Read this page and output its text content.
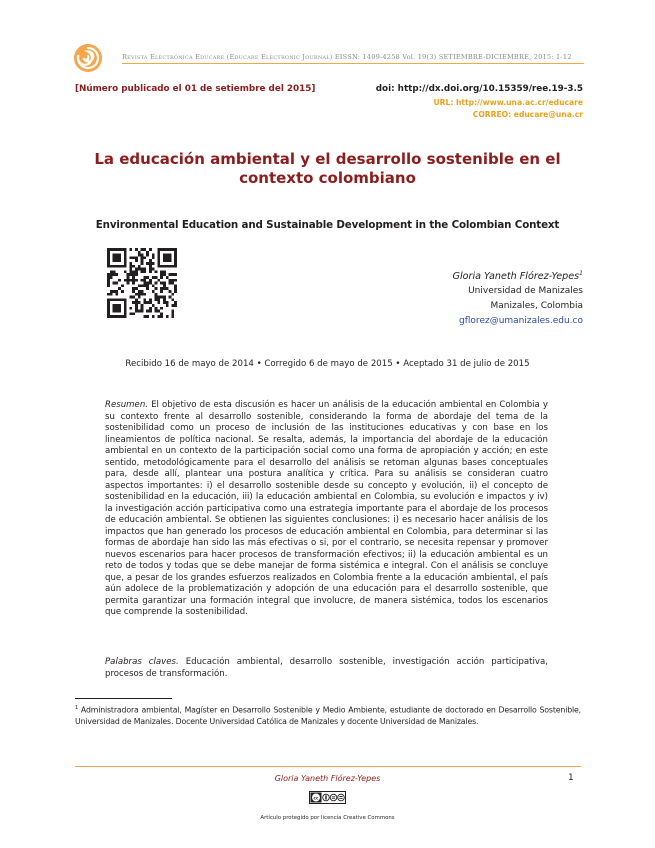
Revista Electrónica Educare (Educare Electronic Journal) EISSN: 1409-4258 Vol. 19(3) SETIEMBRE-DICIEMBRE, 2015: 1-12
[Número publicado el 01 de setiembre del 2015]	doi: http://dx.doi.org/10.15359/ree.19-3.5
URL: http://www.una.ac.cr/educare
CORREO: educare@una.cr
La educación ambiental y el desarrollo sostenible en el contexto colombiano
Environmental Education and Sustainable Development in the Colombian Context
Gloria Yaneth Flórez-Yepes$^1$
Universidad de Manizales
Manizales, Colombia
gflorez@umanizales.edu.co
Recibido 16 de mayo de 2014 • Corregido 6 de mayo de 2015 • Aceptado 31 de julio de 2015

Resumen. El objetivo de esta discusión es hacer un análisis de la educación ambiental en Colombia y su contexto frente al desarrollo sostenible, considerando la forma de abordaje del tema de la sostenibilidad como un proceso de inclusión de las instituciones educativas y con base en los lineamientos de política nacional. Se resalta, además, la importancia del abordaje de la educación ambiental en un contexto de la participación social como una forma de apropiación y acción; en este sentido, metodológicamente para el desarrollo del análisis se retoman algunas bases conceptuales para, desde allí, plantear una postura analítica y crítica. Para su análisis se consideran cuatro aspectos importantes: i) el desarrollo sostenible desde su concepto y evolución, ii) el concepto de sostenibilidad en la educación, iii) la educación ambiental en Colombia, su evolución e impactos y iv) la investigación acción participativa como una estrategia importante para el abordaje de los procesos de educación ambiental. Se obtienen las siguientes conclusiones: i) es necesario hacer análisis de los impactos que han generado los procesos de educación ambiental en Colombia, para determinar si las formas de abordaje han sido las más efectivas o si, por el contrario, se necesita repensar y promover nuevos escenarios para hacer procesos de transformación efectivos; ii) la educación ambiental es un reto de todos y todas que se debe manejar de forma sistémica e integral. Con el análisis se concluye que, a pesar de los grandes esfuerzos realizados en Colombia frente a la educación ambiental, el país aún adolece de la problematización y adopción de una educación para el desarrollo sostenible, que permita garantizar una formación integral que involucre, de manera sistémica, todos los escenarios que comprende la sostenibilidad.

Palabras claves. Educación ambiental, desarrollo sostenible, investigación acción participativa, procesos de transformación.

$^1$ Administradora ambiental, Magíster en Desarrollo Sostenible y Medio Ambiente, estudiante de doctorado en Desarrollo Sostenible, Universidad de Manizales. Docente Universidad Católica de Manizales y docente Universidad de Manizales.

Gloria Yaneth Flórez-Yepes	1
cc
Artículo protegido por licencia Creative Commons
